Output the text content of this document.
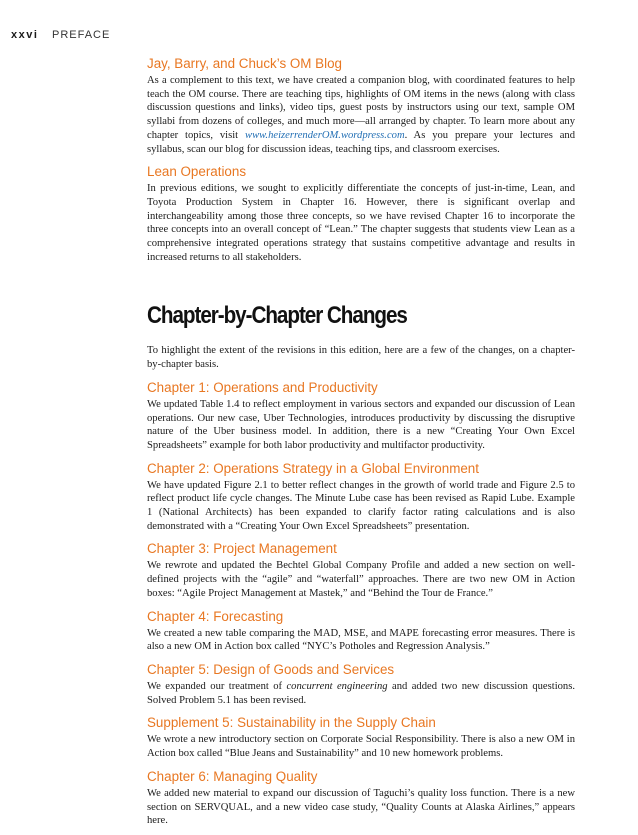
xxvi PREFACE
Jay, Barry, and Chuck’s OM Blog

As a complement to this text, we have created a companion blog, with coordinated features to help teach the OM course. There are teaching tips, highlights of OM items in the news (along with class discussion questions and links), video tips, guest posts by instructors using our text, sample OM syllabi from dozens of colleges, and much more—all arranged by chapter. To learn more about any chapter topics, visit www.heizerrenderOM.wordpress.com. As you prepare your lectures and syllabus, scan our blog for discussion ideas, teaching tips, and classroom exercises.

Lean Operations

In previous editions, we sought to explicitly differentiate the concepts of just-in-time, Lean, and Toyota Production System in Chapter 16. However, there is significant overlap and interchangeability among those three concepts, so we have revised Chapter 16 to incorporate the three concepts into an overall concept of “Lean.” The chapter suggests that students view Lean as a comprehensive integrated operations strategy that sustains competitive advantage and results in increased returns to all stakeholders.

Chapter-by-Chapter Changes

To highlight the extent of the revisions in this edition, here are a few of the changes, on a chapter-by-chapter basis.

Chapter 1: Operations and Productivity

We updated Table 1.4 to reflect employment in various sectors and expanded our discussion of Lean operations. Our new case, Uber Technologies, introduces productivity by discussing the disruptive nature of the Uber business model. In addition, there is a new “Creating Your Own Excel Spreadsheets” example for both labor productivity and multifactor productivity.

Chapter 2: Operations Strategy in a Global Environment

We have updated Figure 2.1 to better reflect changes in the growth of world trade and Figure 2.5 to reflect product life cycle changes. The Minute Lube case has been revised as Rapid Lube. Example 1 (National Architects) has been expanded to clarify factor rating calculations and is also demonstrated with a “Creating Your Own Excel Spreadsheets” presentation.

Chapter 3: Project Management

We rewrote and updated the Bechtel Global Company Profile and added a new section on well-defined projects with the “agile” and “waterfall” approaches. There are two new OM in Action boxes: “Agile Project Management at Mastek,” and “Behind the Tour de France.”

Chapter 4: Forecasting

We created a new table comparing the MAD, MSE, and MAPE forecasting error measures. There is also a new OM in Action box called “NYC’s Potholes and Regression Analysis.”

Chapter 5: Design of Goods and Services

We expanded our treatment of concurrent engineering and added two new discussion questions. Solved Problem 5.1 has been revised.

Supplement 5: Sustainability in the Supply Chain

We wrote a new introductory section on Corporate Social Responsibility. There is also a new OM in Action box called “Blue Jeans and Sustainability” and 10 new homework problems.

Chapter 6: Managing Quality

We added new material to expand our discussion of Taguchi’s quality loss function. There is a new section on SERVQUAL, and a new video case study, “Quality Counts at Alaska Airlines,” appears here.
